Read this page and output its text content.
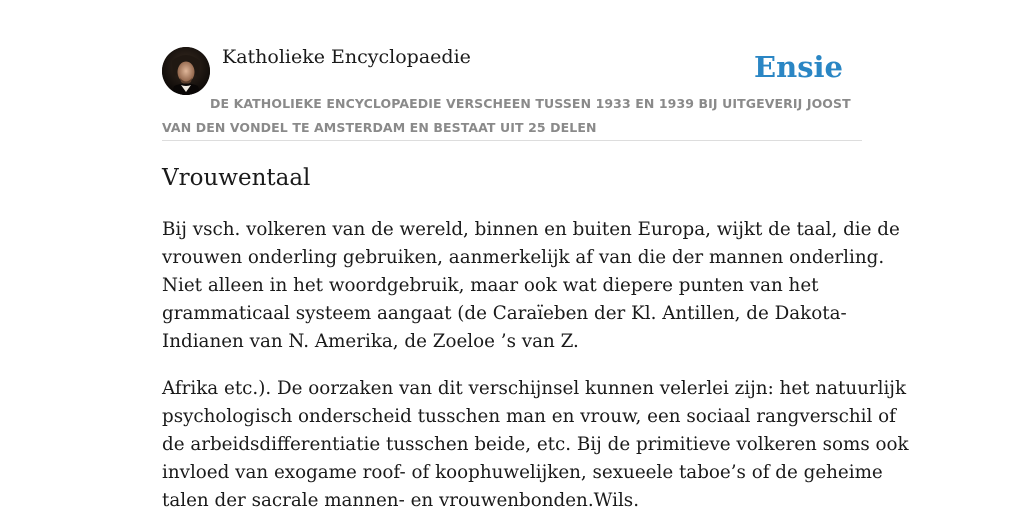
Katholieke Encyclopaedie	Ensie
DE KATHOLIEKE ENCYCLOPAEDIE VERSCHEEN TUSSEN 1933 EN 1939 BIJ UITGEVERIJ JOOST VAN DEN VONDEL TE AMSTERDAM EN BESTAAT UIT 25 DELEN
Vrouwentaal

Bij vsch. volkeren van de wereld, binnen en buiten Europa, wijkt de taal, die de
vrouwen onderling gebruiken, aanmerkelijk af van die der mannen onderling.
Niet alleen in het woordgebruik, maar ook wat diepere punten van het
grammaticaal systeem aangaat (de Caraïeben der Kl. Antillen, de Dakota-
Indianen van N. Amerika, de Zoeloe ’s van Z.

Afrika etc.). De oorzaken van dit verschijnsel kunnen velerlei zijn: het natuurlijk
psychologisch onderscheid tusschen man en vrouw, een sociaal rangverschil of
de arbeidsdifferentiatie tusschen beide, etc. Bij de primitieve volkeren soms ook
invloed van exogame roof- of koophuwelijken, sexueele taboe’s of de geheime
talen der sacrale mannen- en vrouwenbonden.Wils.
